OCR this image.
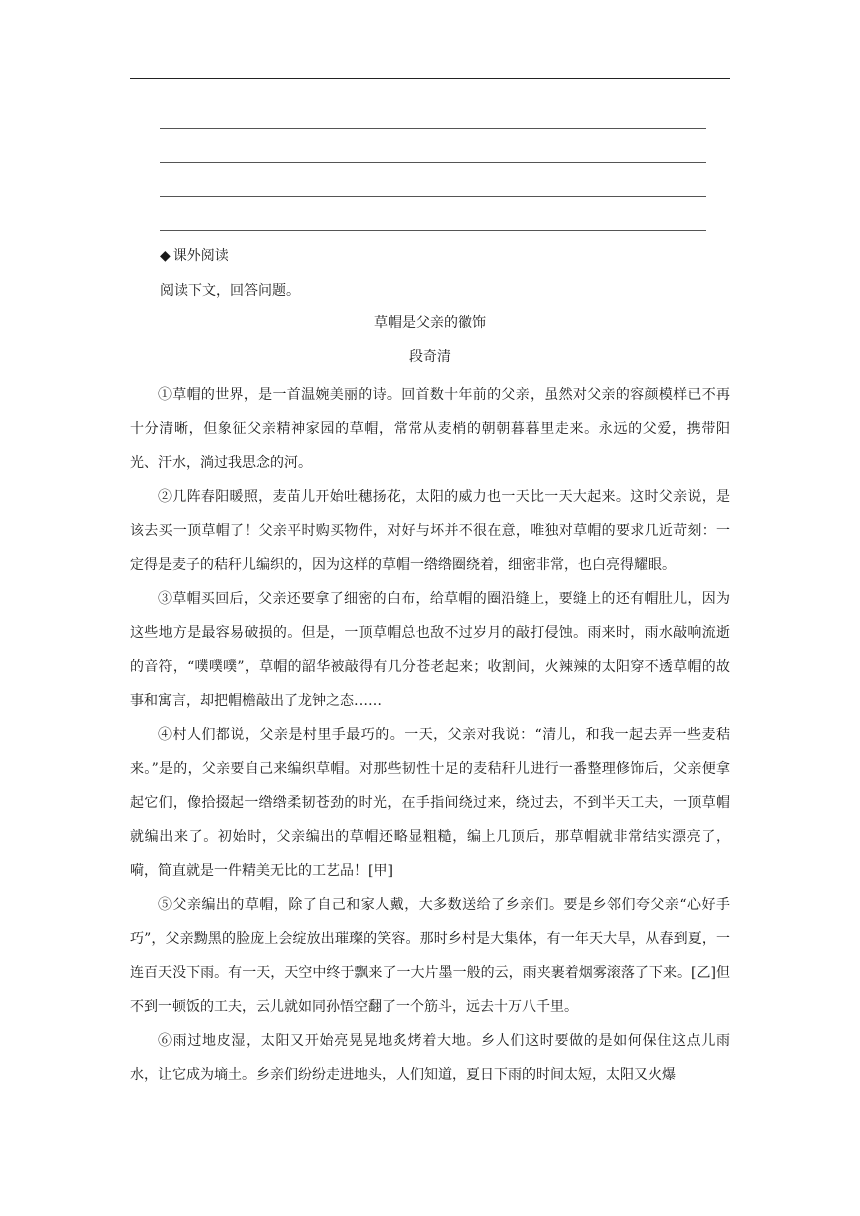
◆ 课外阅读
阅读下文，回答问题。
草帽是父亲的徽饰
段奇清

①草帽的世界，是一首温婉美丽的诗。回首数十年前的父亲，虽然对父亲的容颜模样已不再十分清晰，但象征父亲精神家园的草帽，常常从麦梢的朝朝暮暮里走来。永远的父爱，携带阳光、汗水，淌过我思念的河。

②几阵春阳暖照，麦苗儿开始吐穗扬花，太阳的威力也一天比一天大起来。这时父亲说，是该去买一顶草帽了！父亲平时购买物件，对好与坏并不很在意，唯独对草帽的要求几近苛刻：一定得是麦子的秸秆儿编织的，因为这样的草帽一绺绺圈绕着，细密非常，也白亮得耀眼。

③草帽买回后，父亲还要拿了细密的白布，给草帽的圈沿缝上，要缝上的还有帽肚儿，因为这些地方是最容易破损的。但是，一顶草帽总也敌不过岁月的敲打侵蚀。雨来时，雨水敲响流逝的音符，“噗噗噗”，草帽的韶华被敲得有几分苍老起来；收割间，火辣辣的太阳穿不透草帽的故事和寓言，却把帽檐敲出了龙钟之态……

④村人们都说，父亲是村里手最巧的。一天，父亲对我说：“清儿，和我一起去弄一些麦秸来。”是的，父亲要自己来编织草帽。对那些韧性十足的麦秸秆儿进行一番整理修饰后，父亲便拿起它们，像拾掇起一绺绺柔韧苍劲的时光，在手指间绕过来，绕过去，不到半天工夫，一顶草帽就编出来了。初始时，父亲编出的草帽还略显粗糙，编上几顶后，那草帽就非常结实漂亮了，嗬，简直就是一件精美无比的工艺品！[甲]

⑤父亲编出的草帽，除了自己和家人戴，大多数送给了乡亲们。要是乡邻们夸父亲“心好手巧”，父亲黝黑的脸庞上会绽放出璀璨的笑容。那时乡村是大集体，有一年天大旱，从春到夏，一连百天没下雨。有一天，天空中终于飘来了一大片墨一般的云，雨夹裹着烟雾滚落了下来。[乙]但不到一顿饭的工夫，云儿就如同孙悟空翻了一个筋斗，远去十万八千里。

⑥雨过地皮湿，太阳又开始亮晃晃地炙烤着大地。乡人们这时要做的是如何保住这点儿雨水，让它成为墒土。乡亲们纷纷走进地头，人们知道，夏日下雨的时间太短，太阳又火爆
